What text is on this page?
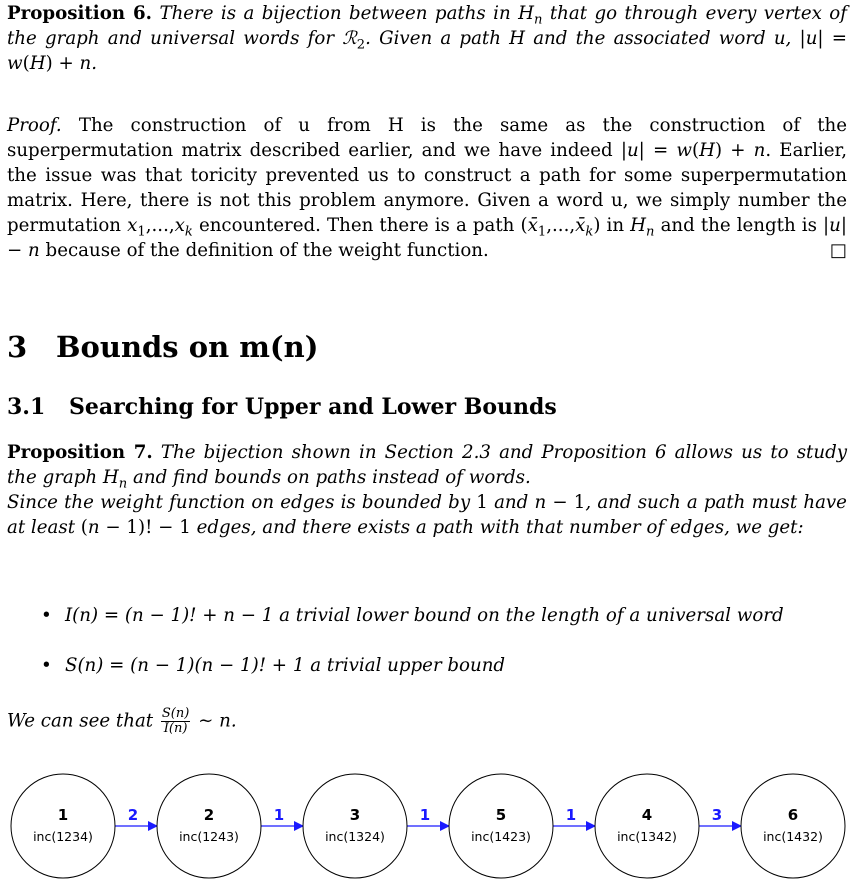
Proposition 6. There is a bijection between paths in $H_n$ that go through every vertex of the graph and universal words for ℛ$_2$. Given a path H and the associated word u, |u| = w(H) + n.

Proof. The construction of u from H is the same as the construction of the superpermutation matrix described earlier, and we have indeed |u| = w(H) + n. Earlier, the issue was that toricity prevented us to construct a path for some superpermutation matrix. Here, there is not this problem anymore. Given a word u, we simply number the permutation $x_1,...,x_k$ encountered. Then there is a path $(x̄_1,...,x̄_k)$ in $H_n$ and the length is |u| − n because of the definition of the weight function.	□

3 Bounds on m(n)
3.1 Searching for Upper and Lower Bounds

Proposition 7. The bijection shown in Section 2.3 and Proposition 6 allows us to study the graph $H_n$ and find bounds on paths instead of words.
Since the weight function on edges is bounded by 1 and n − 1, and such a path must have at least (n − 1)! − 1 edges, and there exists a path with that number of edges, we get:

• I(n) = (n − 1)! + n − 1 a trivial lower bound on the length of a universal word
• S(n) = (n − 1)(n − 1)! + 1 a trivial upper bound

We can see that $\frac{S(n)}{I(n)}$ ∼ n.

2	1	1	1	3
1
inc(1234)
2
inc(1243)
3
inc(1324)
5
inc(1423)
4
inc(1342)
6
inc(1432)
